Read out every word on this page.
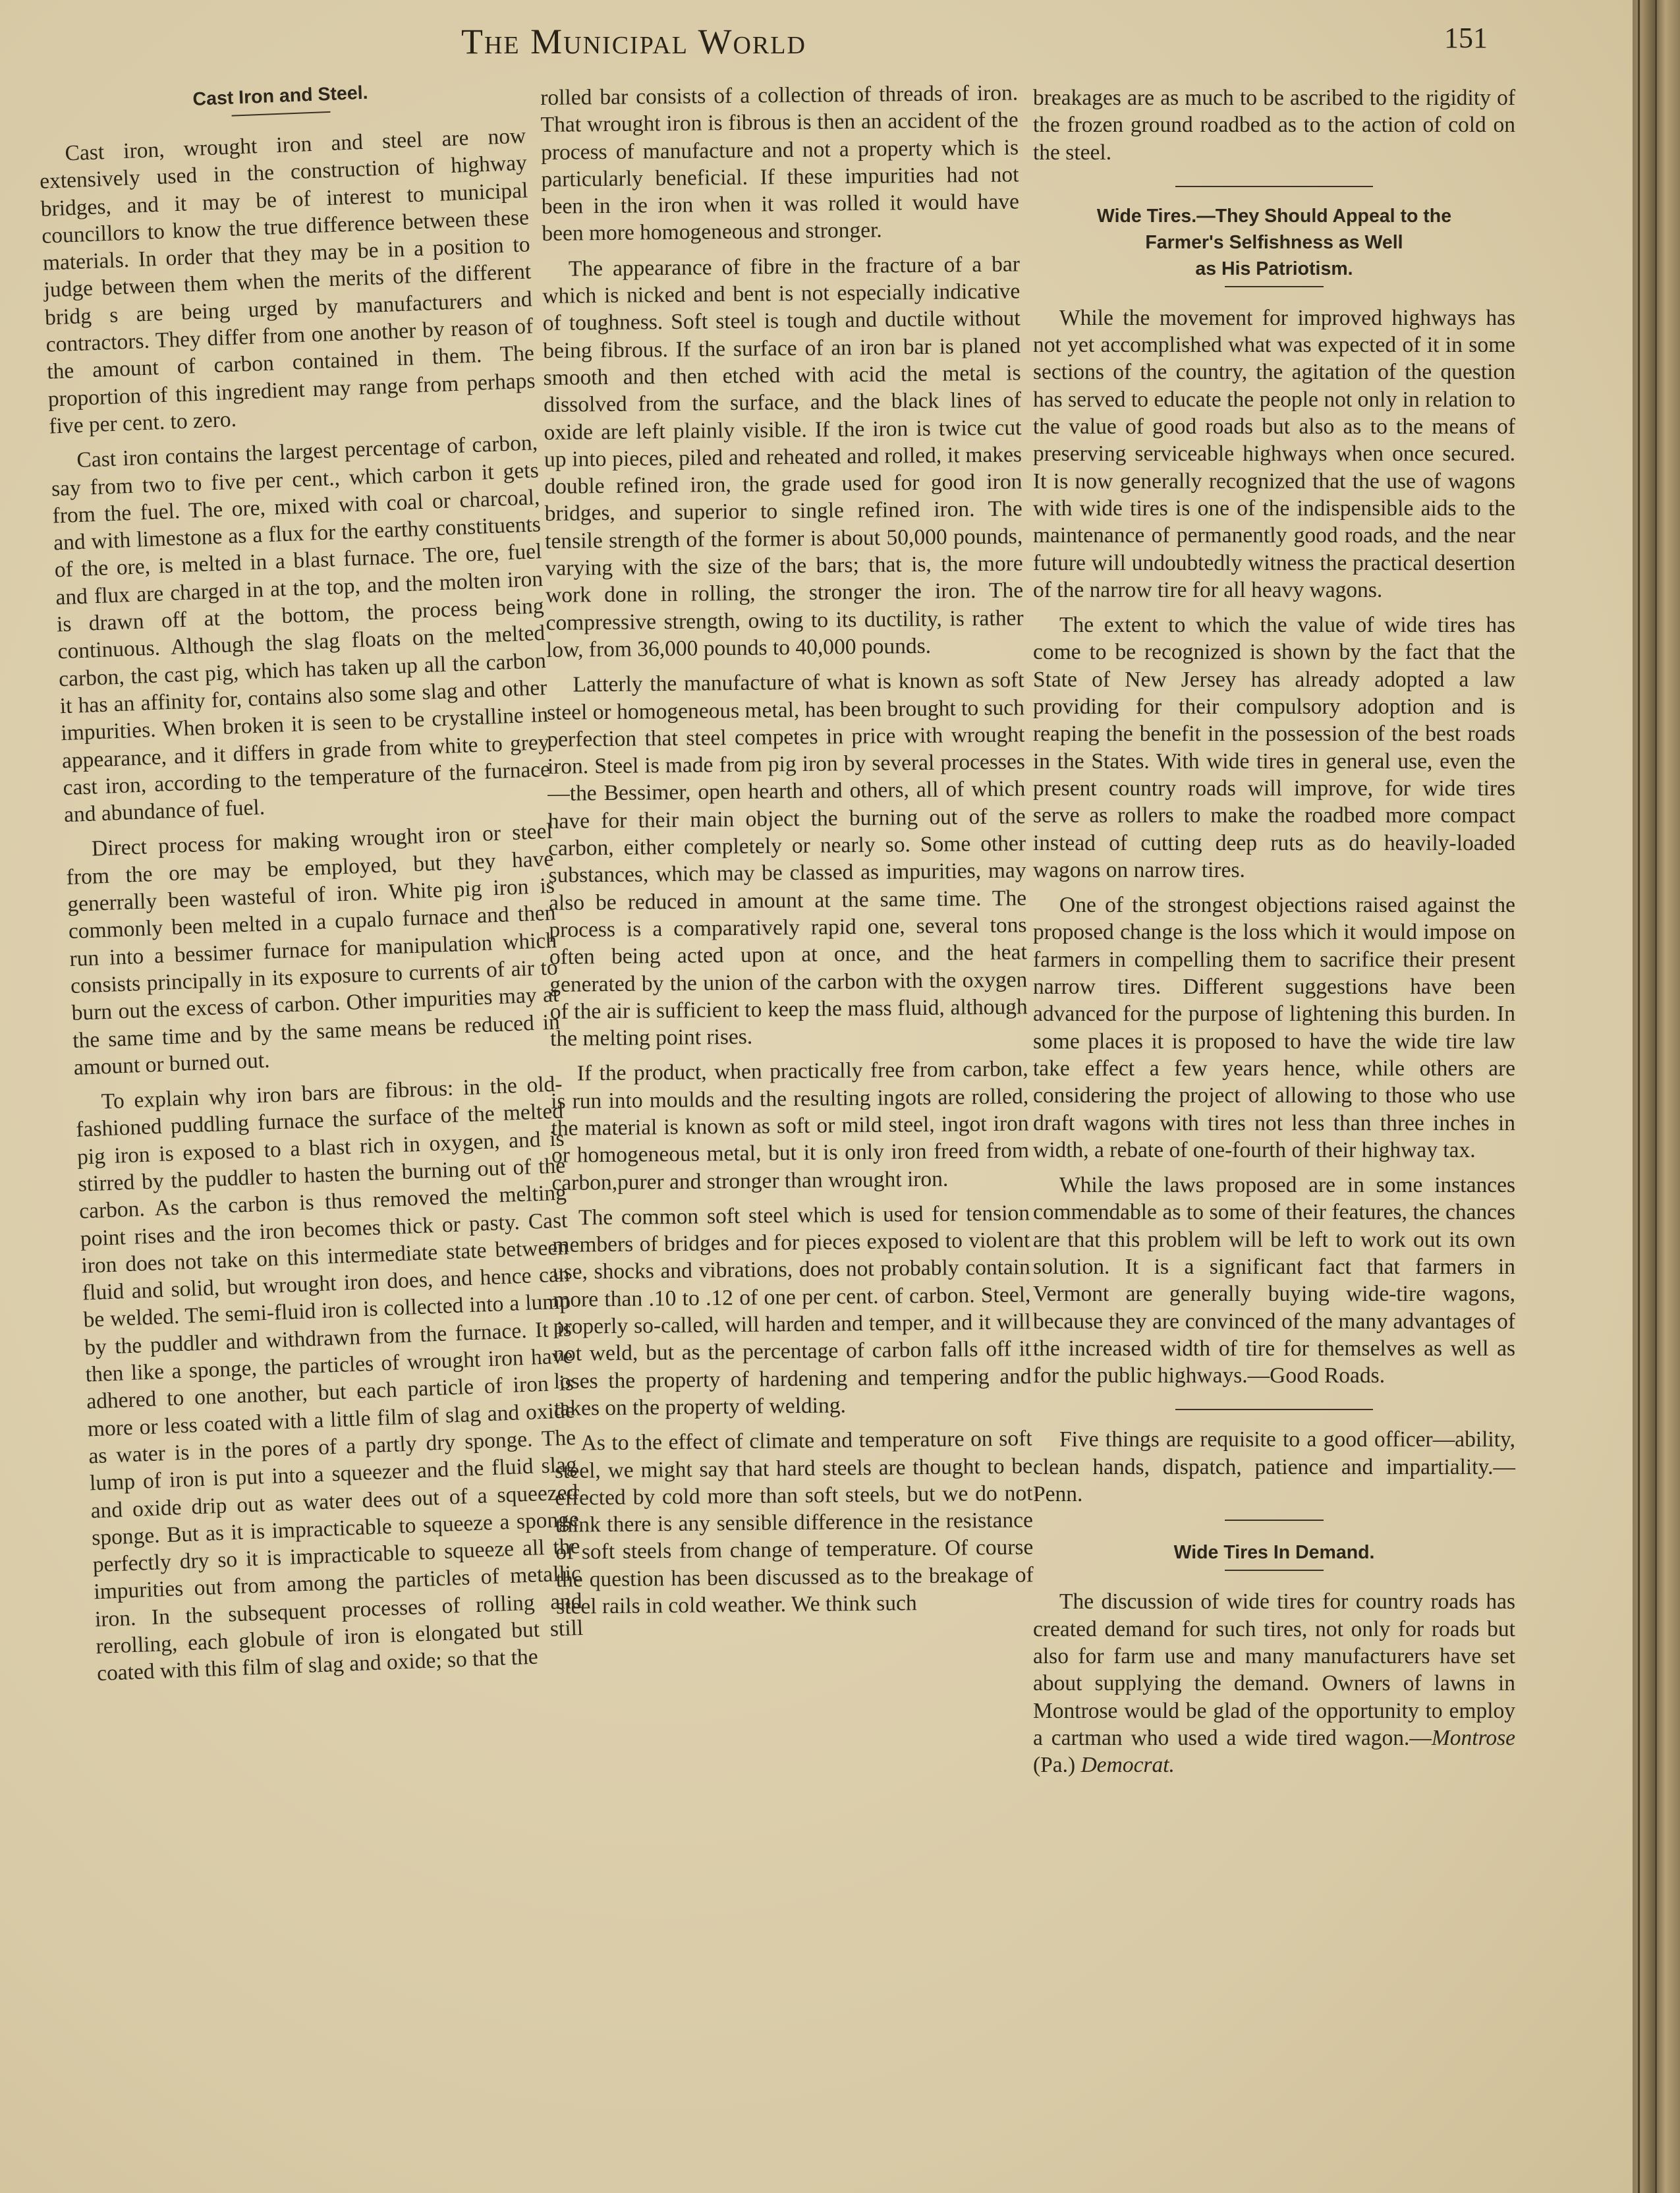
The Municipal World	151
Cast Iron and Steel.

Cast iron, wrought iron and steel are now extensively used in the construction of highway bridges, and it may be of interest to municipal councillors to know the true difference between these materials. In order that they may be in a position to judge between them when the merits of the different bridg s are being urged by manufacturers and contractors. They differ from one another by reason of the amount of carbon contained in them. The proportion of this ingredient may range from perhaps five per cent. to zero.

Cast iron contains the largest percentage of carbon, say from two to five per cent., which carbon it gets from the fuel. The ore, mixed with coal or charcoal, and with limestone as a flux for the earthy constituents of the ore, is melted in a blast furnace. The ore, fuel and flux are charged in at the top, and the molten iron is drawn off at the bottom, the process being continuous. Although the slag floats on the melted carbon, the cast pig, which has taken up all the carbon it has an affinity for, contains also some slag and other impurities. When broken it is seen to be crystalline in appearance, and it differs in grade from white to grey cast iron, according to the temperature of the furnace and abundance of fuel.

Direct process for making wrought iron or steel from the ore may be employed, but they have generrally been wasteful of iron. White pig iron is commonly been melted in a cupalo furnace and then run into a bessimer furnace for manipulation which consists principally in its exposure to currents of air to burn out the excess of carbon. Other impurities may at the same time and by the same means be reduced in amount or burned out.

To explain why iron bars are fibrous: in the old-fashioned puddling furnace the surface of the melted pig iron is exposed to a blast rich in oxygen, and is stirred by the puddler to hasten the burning out of the carbon. As the carbon is thus removed the melting point rises and the iron becomes thick or pasty. Cast iron does not take on this intermediate state between fluid and solid, but wrought iron does, and hence can be welded. The semi-fluid iron is collected into a lump by the puddler and withdrawn from the furnace. It is then like a sponge, the particles of wrought iron have adhered to one another, but each particle of iron is more or less coated with a little film of slag and oxide as water is in the pores of a partly dry sponge. The lump of iron is put into a squeezer and the fluid slag and oxide drip out as water dees out of a squeezed sponge. But as it is impracticable to squeeze a sponge perfectly dry so it is impracticable to squeeze all the impurities out from among the particles of metallic iron. In the subsequent processes of rolling and rerolling, each globule of iron is elongated but still coated with this film of slag and oxide; so that the

rolled bar consists of a collection of threads of iron. That wrought iron is fibrous is then an accident of the process of manufacture and not a property which is particularly beneficial. If these impurities had not been in the iron when it was rolled it would have been more homogeneous and stronger.

The appearance of fibre in the fracture of a bar which is nicked and bent is not especially indicative of toughness. Soft steel is tough and ductile without being fibrous. If the surface of an iron bar is planed smooth and then etched with acid the metal is dissolved from the surface, and the black lines of oxide are left plainly visible. If the iron is twice cut up into pieces, piled and reheated and rolled, it makes double refined iron, the grade used for good iron bridges, and superior to single refined iron. The tensile strength of the former is about 50,000 pounds, varying with the size of the bars; that is, the more work done in rolling, the stronger the iron. The compressive strength, owing to its ductility, is rather low, from 36,000 pounds to 40,000 pounds.

Latterly the manufacture of what is known as soft steel or homogeneous metal, has been brought to such perfection that steel competes in price with wrought iron. Steel is made from pig iron by several processes—the Bessimer, open hearth and others, all of which have for their main object the burning out of the carbon, either completely or nearly so. Some other substances, which may be classed as impurities, may also be reduced in amount at the same time. The process is a comparatively rapid one, several tons often being acted upon at once, and the heat generated by the union of the carbon with the oxygen of the air is sufficient to keep the mass fluid, although the melting point rises.

If the product, when practically free from carbon, is run into moulds and the resulting ingots are rolled, the material is known as soft or mild steel, ingot iron or homogeneous metal, but it is only iron freed from carbon,purer and stronger than wrought iron.

The common soft steel which is used for tension members of bridges and for pieces exposed to violent use, shocks and vibrations, does not probably contain more than .10 to .12 of one per cent. of carbon. Steel, properly so-called, will harden and temper, and it will not weld, but as the percentage of carbon falls off it loses the property of hardening and tempering and takes on the property of welding.

As to the effect of climate and temperature on soft steel, we might say that hard steels are thought to be effected by cold more than soft steels, but we do not think there is any sensible difference in the resistance of soft steels from change of temperature. Of course the question has been discussed as to the breakage of steel rails in cold weather. We think such

breakages are as much to be ascribed to the rigidity of the frozen ground roadbed as to the action of cold on the steel.

Wide Tires.—They Should Appeal to the
Farmer's Selfishness as Well
as His Patriotism.

While the movement for improved highways has not yet accomplished what was expected of it in some sections of the country, the agitation of the question has served to educate the people not only in relation to the value of good roads but also as to the means of preserving serviceable highways when once secured. It is now generally recognized that the use of wagons with wide tires is one of the indispensible aids to the maintenance of permanently good roads, and the near future will undoubtedly witness the practical desertion of the narrow tire for all heavy wagons.

The extent to which the value of wide tires has come to be recognized is shown by the fact that the State of New Jersey has already adopted a law providing for their compulsory adoption and is reaping the benefit in the possession of the best roads in the States. With wide tires in general use, even the present country roads will improve, for wide tires serve as rollers to make the roadbed more compact instead of cutting deep ruts as do heavily-loaded wagons on narrow tires.

One of the strongest objections raised against the proposed change is the loss which it would impose on farmers in compelling them to sacrifice their present narrow tires. Different suggestions have been advanced for the purpose of lightening this burden. In some places it is proposed to have the wide tire law take effect a few years hence, while others are considering the project of allowing to those who use draft wagons with tires not less than three inches in width, a rebate of one-fourth of their highway tax.

While the laws proposed are in some instances commendable as to some of their features, the chances are that this problem will be left to work out its own solution. It is a significant fact that farmers in Vermont are generally buying wide-tire wagons, because they are convinced of the many advantages of the increased width of tire for themselves as well as for the public highways.—Good Roads.

Five things are requisite to a good officer—ability, clean hands, dispatch, patience and impartiality.—Penn.

Wide Tires In Demand.

The discussion of wide tires for country roads has created demand for such tires, not only for roads but also for farm use and many manufacturers have set about supplying the demand. Owners of lawns in Montrose would be glad of the opportunity to employ a cartman who used a wide tired wagon.—Montrose (Pa.) Democrat.
